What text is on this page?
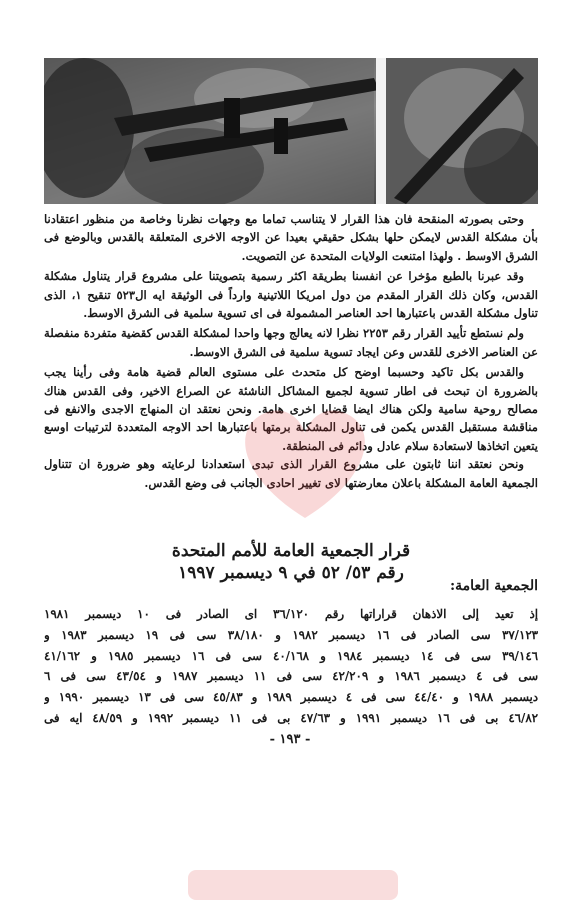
وحتى بصورته المنقحة فان هذا القرار لا يتناسب تماما مع وجهات نظرنا وخاصة من منظور اعتقادنا بأن مشكلة القدس لايمكن حلها بشكل حقيقي بعيدا عن الاوجه الاخرى المتعلقة بالقدس وبالوضع فى الشرق الاوسط . ولهذا امتنعت الولايات المتحدة عن التصويت.

وقد عبرنا بالطبع مؤخرا عن انفسنا بطريقة اكثر رسمية بتصويتنا على مشروع قرار يتناول مشكلة القدس، وكان ذلك القرار المقدم من دول امريكا اللاتينية وارداً فى الوثيقة ايه ال٥٢٣ تنقيح ١، الذى تناول مشكلة القدس باعتبارها احد العناصر المشمولة فى اى تسوية سلمية فى الشرق الاوسط.

ولم نستطع تأييد القرار رقم ٢٢٥٣ نظرا لانه يعالج وجها واحدا لمشكلة القدس كقضية متفردة منفصلة عن العناصر الاخرى للقدس وعن ايجاد تسوية سلمية فى الشرق الاوسط.

والقدس بكل تاكيد وحسبما اوضح كل متحدث على مستوى العالم قضية هامة وفى رأينا يجب بالضرورة ان تبحث فى اطار تسوية لجميع المشاكل الناشئة عن الصراع الاخير، وفى القدس هناك مصالح روحية سامية ولكن هناك ايضا قضايا اخرى هامة. ونحن نعتقد ان المنهاج الاجدى والانفع فى مناقشة مستقبل القدس يكمن فى تناول المشكلة برمتها باعتبارها احد الاوجه المتعددة لترتيبات اوسع يتعين اتخاذها لاستعادة سلام عادل ودائم فى المنطقة.

ونحن نعتقد اننا ثابتون على مشروع القرار الذى تبدى استعدادنا لرعايته وهو ضرورة ان تتناول الجمعية العامة المشكلة باعلان معارضتها لاى تغيير احادى الجانب فى وضع القدس.

قرار الجمعية العامة للأمم المتحدة
رقم ٥٣/ ٥٢ في ٩ ديسمبر ١٩٩٧
الجمعية العامة:
إذ تعيد إلى الاذهان قراراتها رقم ٣٦/١٢٠ اى الصادر فى ١٠ ديسمبر ١٩٨١
٣٧/١٢٣ سى الصادر فى ١٦ ديسمبر ١٩٨٢ و ٣٨/١٨٠ سى فى ١٩ ديسمبر ١٩٨٣ و
٣٩/١٤٦ سى فى ١٤ ديسمبر ١٩٨٤ و ٤٠/١٦٨ سى فى ١٦ ديسمبر ١٩٨٥ و ٤١/١٦٢
سى فى ٤ ديسمبر ١٩٨٦ و ٤٢/٢٠٩ سى فى ١١ ديسمبر ١٩٨٧ و ٤٣/٥٤ سى فى ٦
ديسمبر ١٩٨٨ و ٤٤/٤٠ سى فى ٤ ديسمبر ١٩٨٩ و ٤٥/٨٣ سى فى ١٣ ديسمبر ١٩٩٠ و
٤٦/٨٢ بى فى ١٦ ديسمبر ١٩٩١ و ٤٧/٦٣ بى فى ١١ ديسمبر ١٩٩٢ و ٤٨/٥٩ ايه فى
- ١٩٣ -
